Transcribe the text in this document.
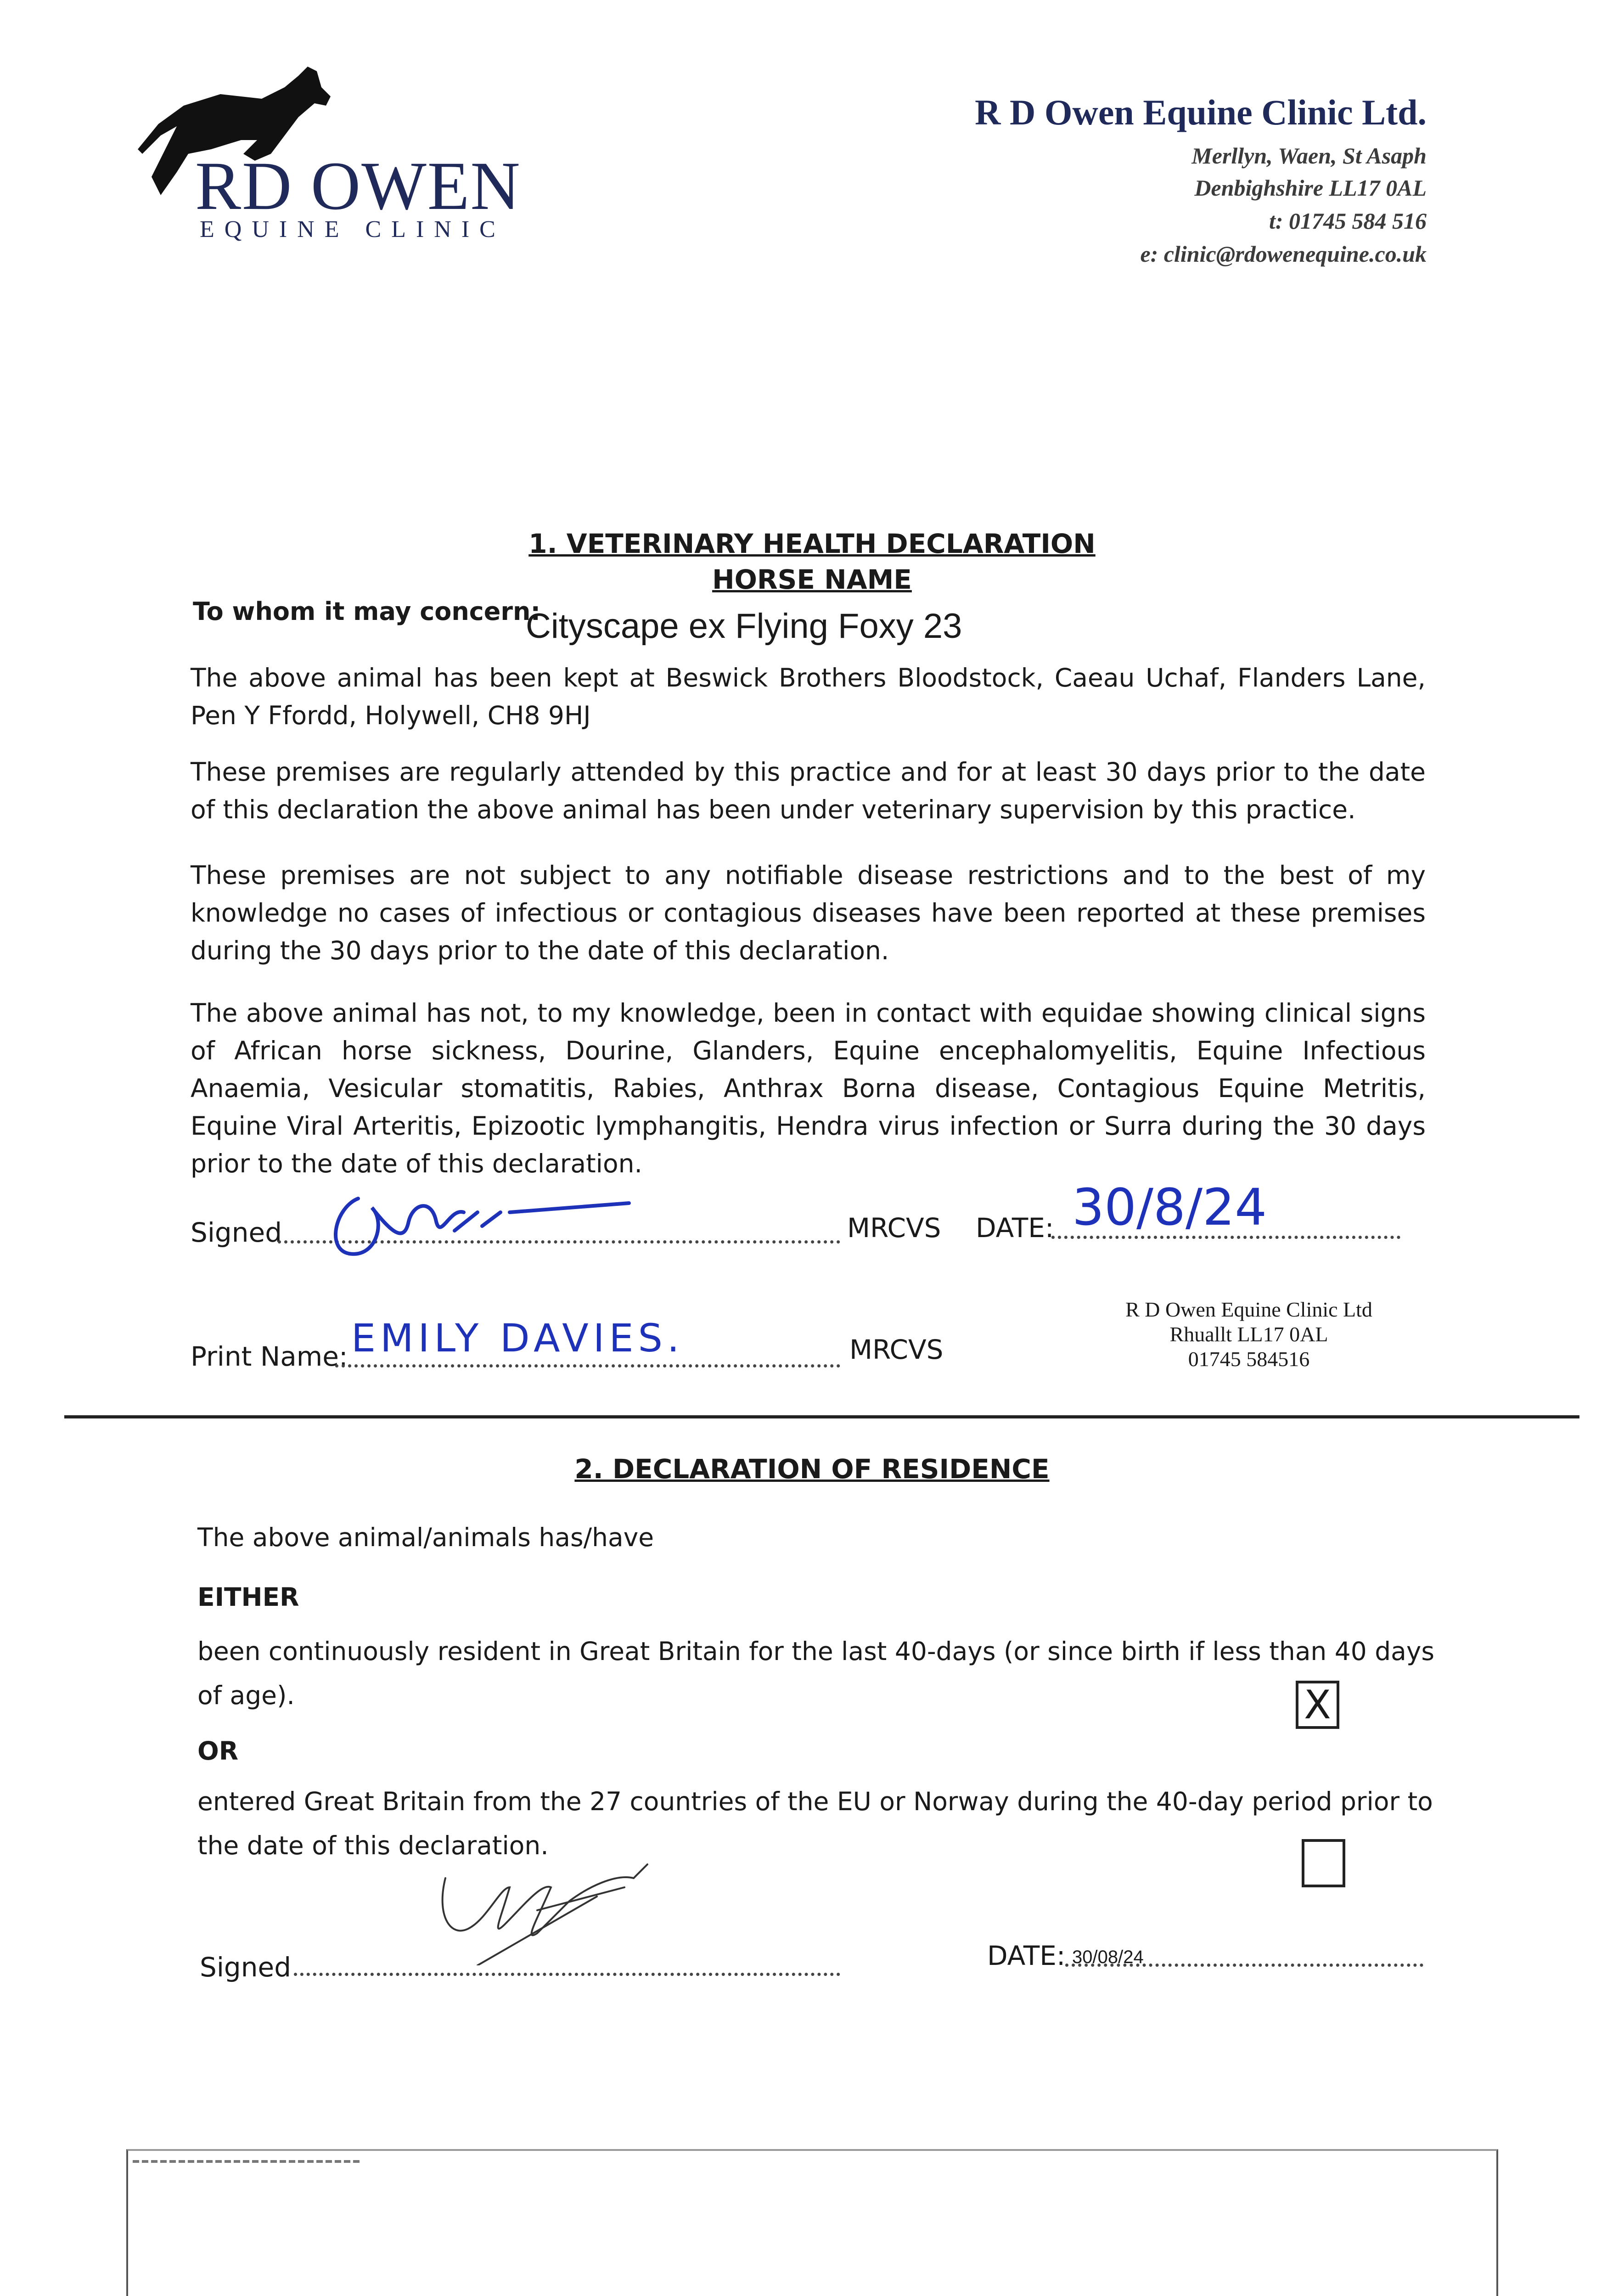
RD OWEN
EQUINE CLINIC
R D Owen Equine Clinic Ltd.
Merllyn, Waen, St Asaph
Denbighshire LL17 0AL
t: 01745 584 516
e: clinic@rdowenequine.co.uk
1. VETERINARY HEALTH DECLARATION
HORSE NAME
To whom it may concern:
Cityscape ex Flying Foxy 23
The above animal has been kept at Beswick Brothers Bloodstock, Caeau Uchaf, Flanders Lane, Pen Y Ffordd, Holywell, CH8 9HJ
These premises are regularly attended by this practice and for at least 30 days prior to the date of this declaration the above animal has been under veterinary supervision by this practice.
These premises are not subject to any notifiable disease restrictions and to the best of my knowledge no cases of infectious or contagious diseases have been reported at these premises during the 30 days prior to the date of this declaration.
The above animal has not, to my knowledge, been in contact with equidae showing clinical signs of African horse sickness, Dourine, Glanders, Equine encephalomyelitis, Equine Infectious Anaemia, Vesicular stomatitis, Rabies, Anthrax Borna disease, Contagious Equine Metritis, Equine Viral Arteritis, Epizootic lymphangitis, Hendra virus infection or Surra during the 30 days prior to the date of this declaration.
Signed	MRCVS DATE: 30/8/24
Print Name: EMILY DAVIES.	MRCVS
R D Owen Equine Clinic Ltd
Rhuallt LL17 0AL
01745 584516
2. DECLARATION OF RESIDENCE
The above animal/animals has/have
EITHER
been continuously resident in Great Britain for the last 40-days (or since birth if less than 40 days of age).	X
OR
entered Great Britain from the 27 countries of the EU or Norway during the 40-day period prior to the date of this declaration.
Signed	DATE: 30/08/24
